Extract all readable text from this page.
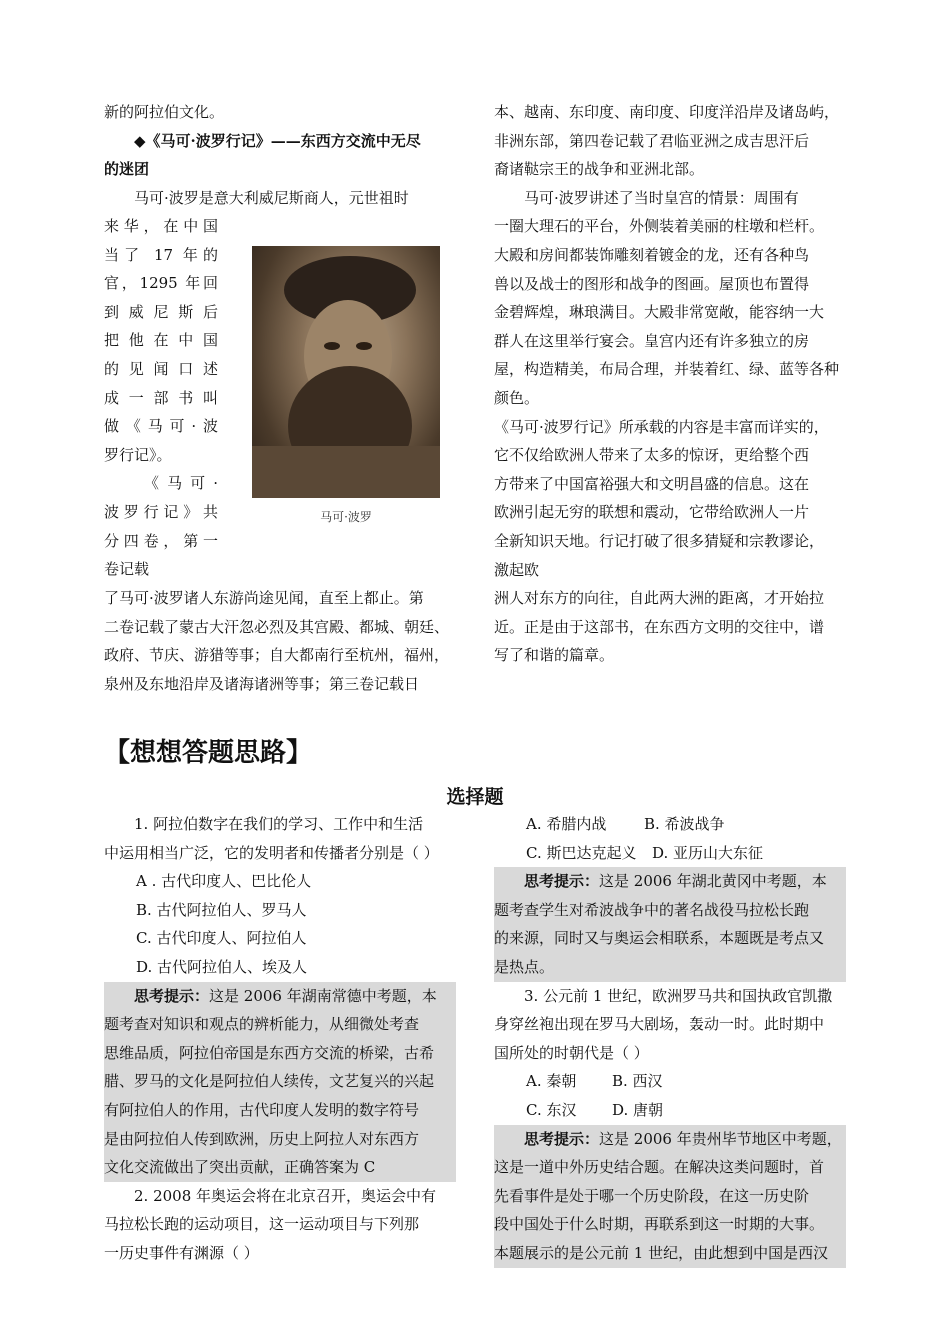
新的阿拉伯文化。

◆《马可·波罗行记》——东西方交流中无尽

的迷团

马可·波罗是意大利威尼斯商人，元世祖时

来华，在中国

当了 17 年的

官，1295 年回

到威尼斯后

把他在中国

的见闻口述

成一部书叫

做《马可·波

罗行记》。

《马可·

波罗行记》共

分四卷，第一

卷记载

马可·波罗

了马可·波罗诸人东游尚途见闻，直至上都止。第

二卷记载了蒙古大汗忽必烈及其宫殿、都城、朝廷、

政府、节庆、游猎等事；自大都南行至杭州，福州，

泉州及东地沿岸及诸海诸洲等事；第三卷记载日

本、越南、东印度、南印度、印度洋沿岸及诸岛屿，

非洲东部，第四卷记载了君临亚洲之成吉思汗后

裔诸鞑宗王的战争和亚洲北部。

马可·波罗讲述了当时皇宫的情景：周围有

一圈大理石的平台，外侧装着美丽的柱墩和栏杆。

大殿和房间都装饰雕刻着镀金的龙，还有各种鸟

兽以及战士的图形和战争的图画。屋顶也布置得

金碧辉煌，琳琅满目。大殿非常宽敞，能容纳一大

群人在这里举行宴会。皇宫内还有许多独立的房

屋，构造精美，布局合理，并装着红、绿、蓝等各种

颜色。

《马可·波罗行记》所承载的内容是丰富而详实的，

它不仅给欧洲人带来了太多的惊讶，更给整个西

方带来了中国富裕强大和文明昌盛的信息。这在

欧洲引起无穷的联想和震动，它带给欧洲人一片

全新知识天地。行记打破了很多猜疑和宗教谬论，

激起欧

洲人对东方的向往，自此两大洲的距离，才开始拉

近。正是由于这部书，在东西方文明的交往中，谱

写了和谐的篇章。

【想想答题思路】
选择题

1. 阿拉伯数字在我们的学习、工作中和生活

中运用相当广泛，它的发明者和传播者分别是（ ）

A . 古代印度人、巴比伦人

B. 古代阿拉伯人、罗马人

C. 古代印度人、阿拉伯人

D. 古代阿拉伯人、埃及人

思考提示：这是 2006 年湖南常德中考题，本

题考查对知识和观点的辨析能力，从细微处考查

思维品质，阿拉伯帝国是东西方交流的桥梁，古希

腊、罗马的文化是阿拉伯人续传，文艺复兴的兴起

有阿拉伯人的作用，古代印度人发明的数字符号

是由阿拉伯人传到欧洲，历史上阿拉人对东西方

文化交流做出了突出贡献，正确答案为 C

2. 2008 年奥运会将在北京召开，奥运会中有

马拉松长跑的运动项目，这一运动项目与下列那

一历史事件有渊源（ ）

A. 希腊内战	B. 希波战争

C. 斯巴达克起义 D. 亚历山大东征

思考提示：这是 2006 年湖北黄冈中考题，本

题考查学生对希波战争中的著名战役马拉松长跑

的来源，同时又与奥运会相联系，本题既是考点又

是热点。

3. 公元前 1 世纪，欧洲罗马共和国执政官凯撒

身穿丝袍出现在罗马大剧场，轰动一时。此时期中

国所处的时朝代是（ ）

A. 秦朝 B. 西汉

C. 东汉 D. 唐朝

思考提示：这是 2006 年贵州毕节地区中考题，

这是一道中外历史结合题。在解决这类问题时，首

先看事件是处于哪一个历史阶段，在这一历史阶

段中国处于什么时期，再联系到这一时期的大事。

本题展示的是公元前 1 世纪，由此想到中国是西汉
